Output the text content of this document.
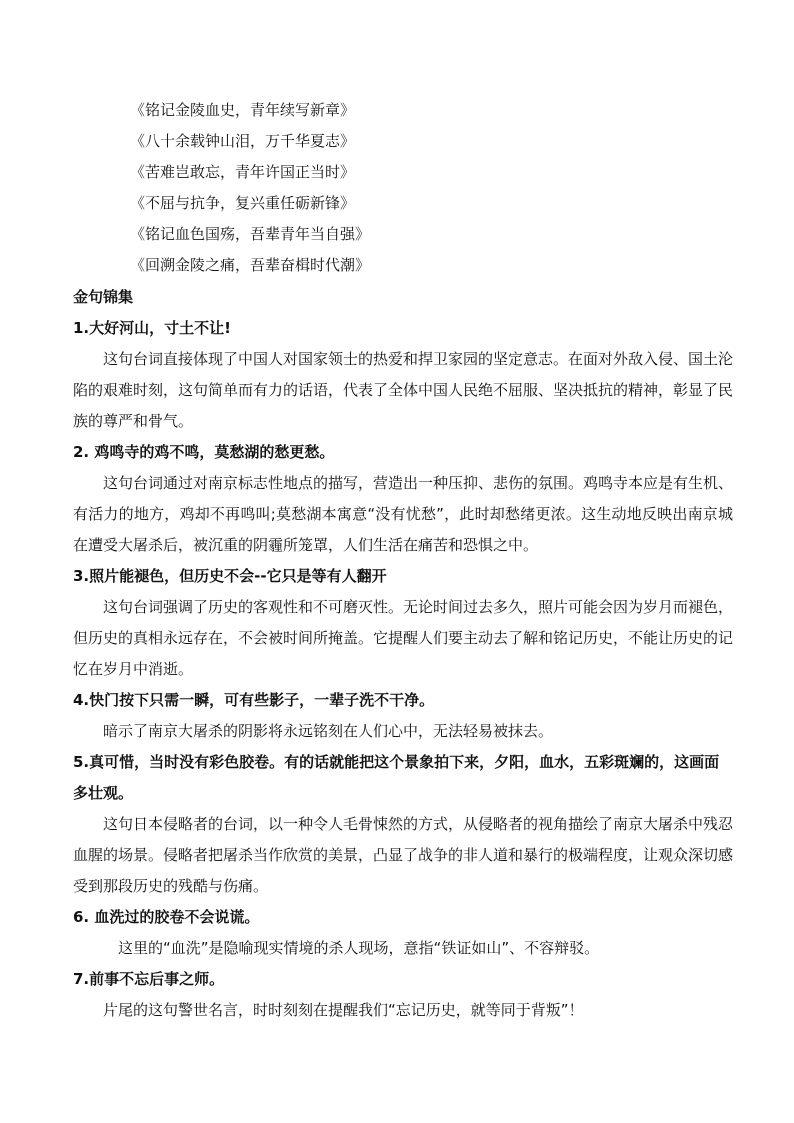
《铭记金陵血史，青年续写新章》
《八十余载钟山泪，万千华夏志》
《苦难岂敢忘，青年许国正当时》
《不屈与抗争，复兴重任砺新锋》
《铭记血色国殇，吾辈青年当自强》
《回溯金陵之痛，吾辈奋楫时代潮》
金句锦集

1.大好河山，寸土不让!

这句台词直接体现了中国人对国家领士的热爱和捍卫家园的坚定意志。在面对外敌入侵、国土沦陷的艰难时刻，这句简单而有力的话语，代表了全体中国人民绝不屈服、坚决抵抗的精神，彰显了民族的尊严和骨气。

2. 鸡鸣寺的鸡不鸣，莫愁湖的愁更愁。

这句台词通过对南京标志性地点的描写，营造出一种压抑、悲伤的氛围。鸡鸣寺本应是有生机、有活力的地方，鸡却不再鸣叫;莫愁湖本寓意“没有忧愁”，此时却愁绪更浓。这生动地反映出南京城在遭受大屠杀后，被沉重的阴霾所笼罩，人们生活在痛苦和恐惧之中。

3.照片能褪色，但历史不会--它只是等有人翻开

这句台词强调了历史的客观性和不可磨灭性。无论时间过去多久，照片可能会因为岁月而褪色，但历史的真相永远存在，不会被时间所掩盖。它提醒人们要主动去了解和铭记历史，不能让历史的记忆在岁月中消逝。

4.快门按下只需一瞬，可有些影子，一辈子洗不干净。

暗示了南京大屠杀的阴影将永远铭刻在人们心中，无法轻易被抹去。

5.真可惜，当时没有彩色胶卷。有的话就能把这个景象拍下来，夕阳，血水，五彩斑斓的，这画面多壮观。

这句日本侵略者的台词，以一种令人毛骨悚然的方式，从侵略者的视角描绘了南京大屠杀中残忍血腥的场景。侵略者把屠杀当作欣赏的美景，凸显了战争的非人道和暴行的极端程度，让观众深切感受到那段历史的残酷与伤痛。

6. 血洗过的胶卷不会说谎。

这里的“血洗”是隐喻现实情境的杀人现场，意指“铁证如山”、不容辩驳。

7.前事不忘后事之师。

片尾的这句警世名言，时时刻刻在提醒我们“忘记历史，就等同于背叛”！
